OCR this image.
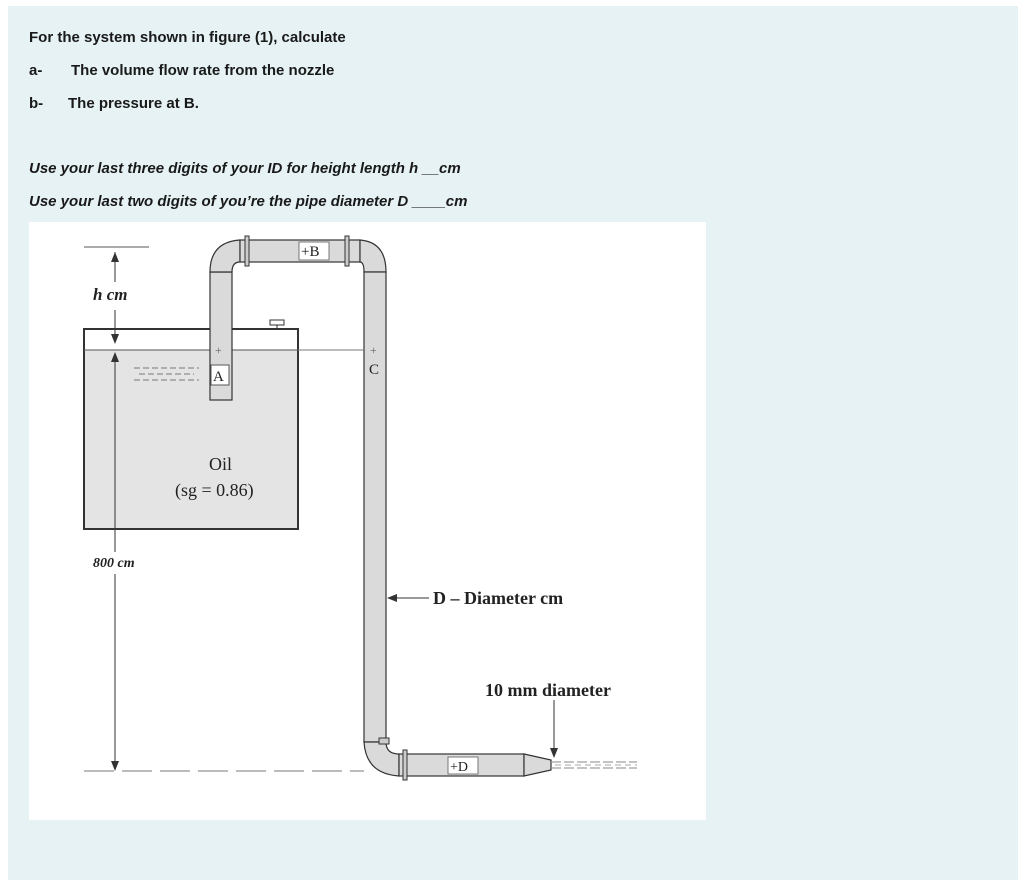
For the system shown in figure (1), calculate
a- The volume flow rate from the nozzle
b- The pressure at B.
Use your last three digits of your ID for height length h __cm
Use your last two digits of you’re the pipe diameter D ____cm
+
A
+B
+
C
+D
h cm
800 cm
Oil
(sg = 0.86)
D – Diameter cm
10 mm diameter
